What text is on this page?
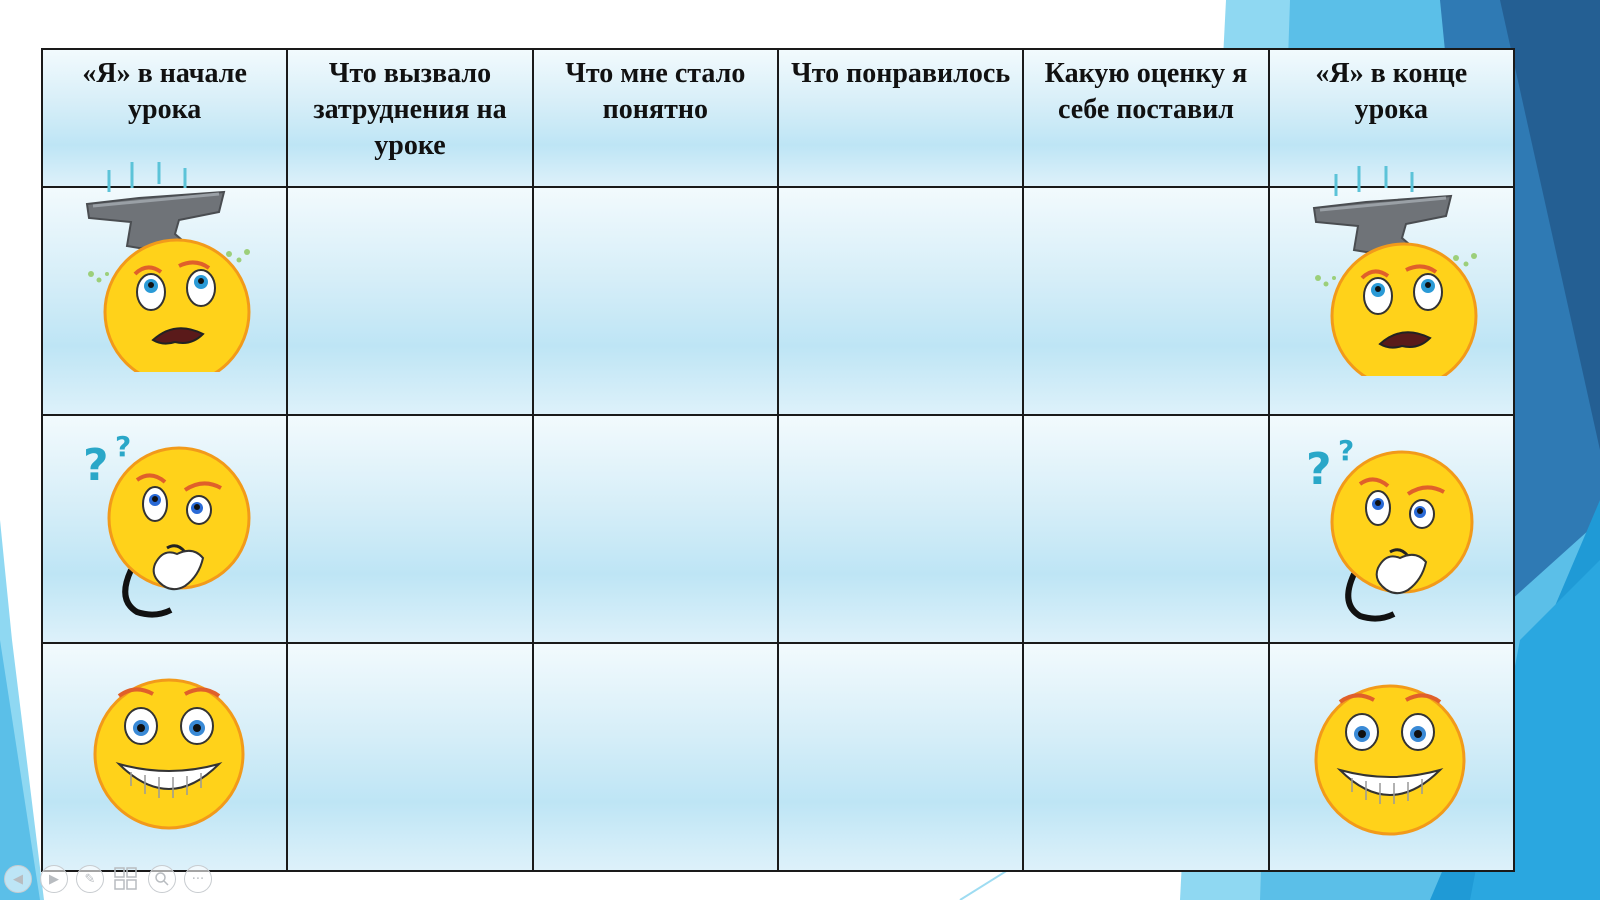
«Я» в начале урока	Что вызвало затруднения на уроке	Что мне стало понятно	Что понравилось	Какую оценку я себе поставил	«Я» в конце урока

? ?					? ?

◀	▶	✎	···
